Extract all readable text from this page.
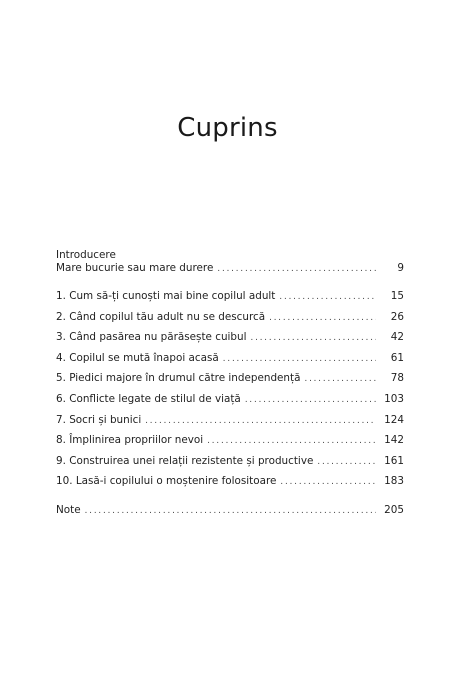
Cuprins
Introducere
Mare bucurie sau mare durere . . .	9
1. Cum să-ți cunoști mai bine copilul adult . . .	15
2. Când copilul tău adult nu se descurcă . . .	26
3. Când pasărea nu părăsește cuibul . . .	42
4. Copilul se mută înapoi acasă . . .	61
5. Piedici majore în drumul către independență . . .	78
6. Conflicte legate de stilul de viață . . .	103
7. Socri și bunici . . .	124
8. Împlinirea propriilor nevoi . . .	142
9. Construirea unei relații rezistente și productive . . .	161
10. Lasă-i copilului o moștenire folositoare . . .	183
Note . . .	205
